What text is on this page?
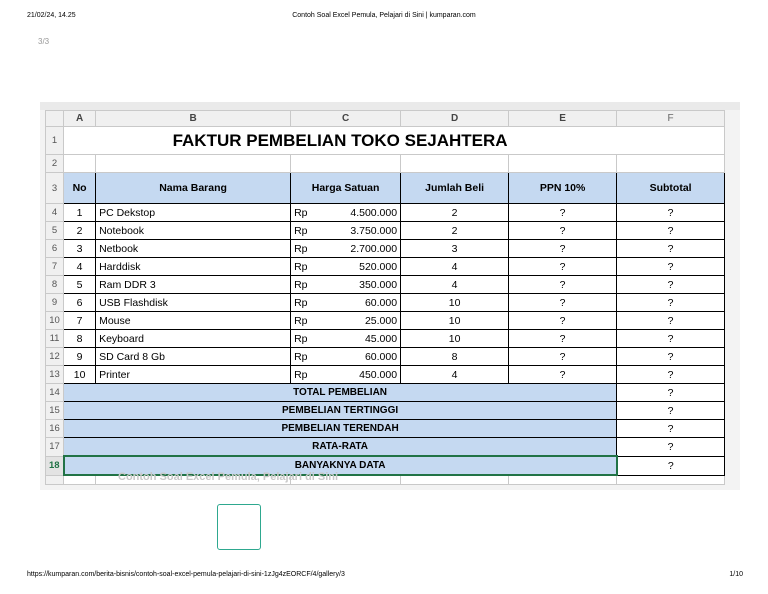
21/02/24, 14.25	Contoh Soal Excel Pemula, Pelajari di Sini | kumparan.com
3/3
	A	B	C		D	E	F
1	FAKTUR PEMBELIAN TOKO SEJAHTERA						
2							
3	No	Nama Barang	Harga Satuan		Jumlah Beli	PPN 10%	Subtotal
4	1	PC Dekstop	Rp	4.500.000	2	?	?
5	2	Notebook	Rp	3.750.000	2	?	?
6	3	Netbook	Rp	2.700.000	3	?	?
7	4	Harddisk	Rp	520.000	4	?	?
8	5	Ram DDR 3	Rp	350.000	4	?	?
9	6	USB Flashdisk	Rp	60.000	10	?	?
10	7	Mouse	Rp	25.000	10	?	?
11	8	Keyboard	Rp	45.000	10	?	?
12	9	SD Card 8 Gb	Rp	60.000	8	?	?
13	10	Printer	Rp	450.000	4	?	?
14	TOTAL PEMBELIAN						?
15	PEMBELIAN TERTINGGI						?
16	PEMBELIAN TERENDAH						?
17	RATA-RATA						?
18	BANYAKNYA DATA						?

Contoh Soal Excel Pemula, Pelajari di Sini
https://kumparan.com/berita-bisnis/contoh-soal-excel-pemula-pelajari-di-sini-1zJg4zEORCF/4/gallery/3	1/10
